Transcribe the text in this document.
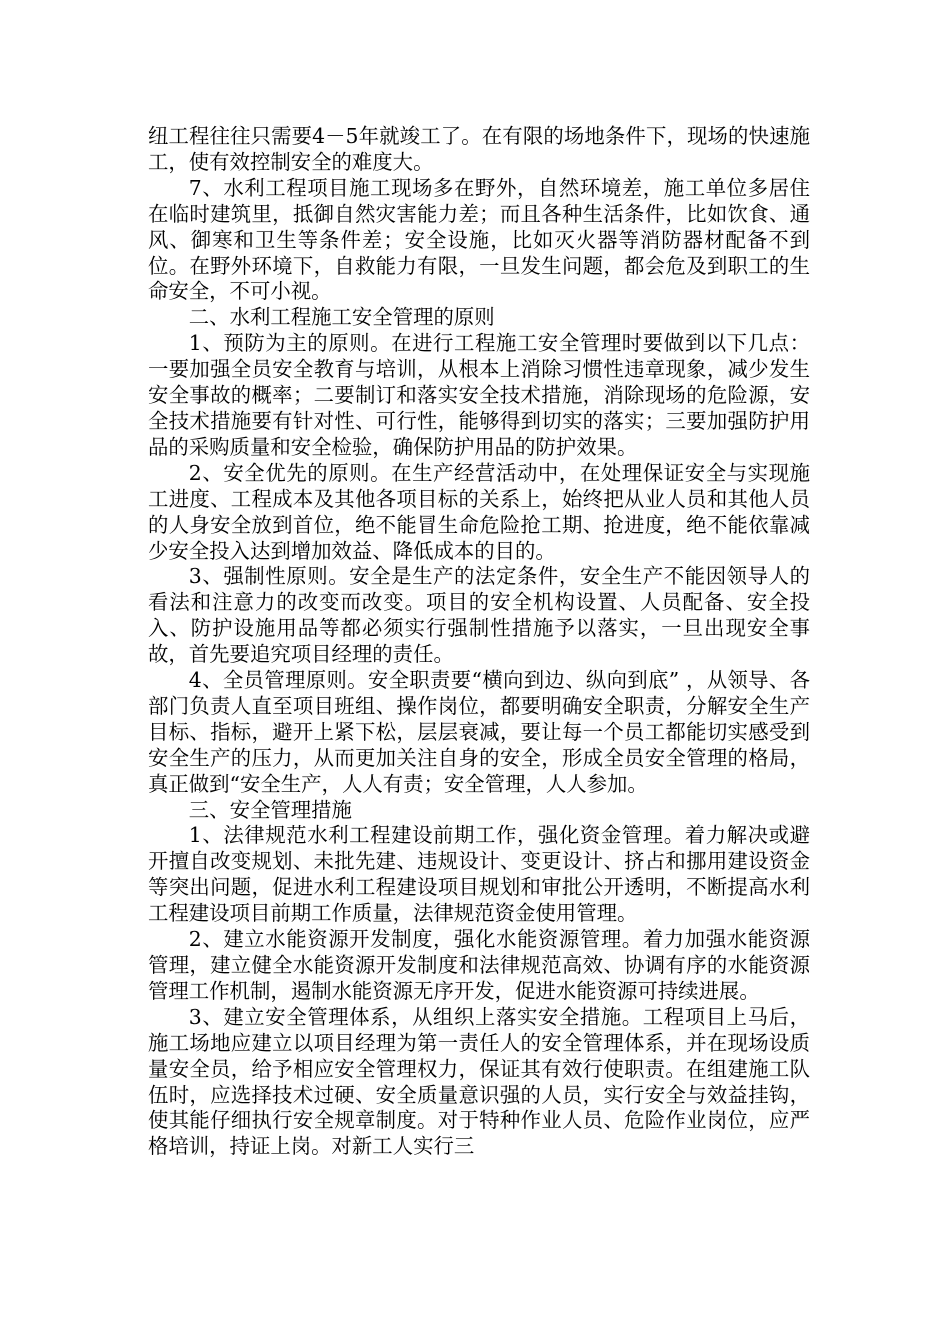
纽工程往往只需要4－5年就竣工了。在有限的场地条件下，现场的快速施工，使有效控制安全的难度大。

7、水利工程项目施工现场多在野外，自然环境差，施工单位多居住在临时建筑里，抵御自然灾害能力差；而且各种生活条件，比如饮食、通风、御寒和卫生等条件差；安全设施，比如灭火器等消防器材配备不到位。在野外环境下，自救能力有限，一旦发生问题，都会危及到职工的生命安全，不可小视。

二、水利工程施工安全管理的原则

1、预防为主的原则。在进行工程施工安全管理时要做到以下几点：一要加强全员安全教育与培训，从根本上消除习惯性违章现象，减少发生安全事故的概率；二要制订和落实安全技术措施，消除现场的危险源，安全技术措施要有针对性、可行性，能够得到切实的落实；三要加强防护用品的采购质量和安全检验，确保防护用品的防护效果。

2、安全优先的原则。在生产经营活动中，在处理保证安全与实现施工进度、工程成本及其他各项目标的关系上，始终把从业人员和其他人员的人身安全放到首位，绝不能冒生命危险抢工期、抢进度，绝不能依靠减少安全投入达到增加效益、降低成本的目的。

3、强制性原则。安全是生产的法定条件，安全生产不能因领导人的看法和注意力的改变而改变。项目的安全机构设置、人员配备、安全投入、防护设施用品等都必须实行强制性措施予以落实，一旦出现安全事故，首先要追究项目经理的责任。

4、全员管理原则。安全职责要“横向到边、纵向到底” ，从领导、各部门负责人直至项目班组、操作岗位，都要明确安全职责，分解安全生产目标、指标，避开上紧下松，层层衰减，要让每一个员工都能切实感受到安全生产的压力，从而更加关注自身的安全，形成全员安全管理的格局，真正做到“安全生产，人人有责；安全管理，人人参加。

三、安全管理措施

1、法律规范水利工程建设前期工作，强化资金管理。着力解决或避开擅自改变规划、未批先建、违规设计、变更设计、挤占和挪用建设资金等突出问题，促进水利工程建设项目规划和审批公开透明，不断提高水利工程建设项目前期工作质量，法律规范资金使用管理。

2、建立水能资源开发制度，强化水能资源管理。着力加强水能资源管理，建立健全水能资源开发制度和法律规范高效、协调有序的水能资源管理工作机制，遏制水能资源无序开发，促进水能资源可持续进展。

3、建立安全管理体系，从组织上落实安全措施。工程项目上马后，施工场地应建立以项目经理为第一责任人的安全管理体系，并在现场设质量安全员，给予相应安全管理权力，保证其有效行使职责。在组建施工队伍时，应选择技术过硬、安全质量意识强的人员，实行安全与效益挂钩，使其能仔细执行安全规章制度。对于特种作业人员、危险作业岗位，应严格培训，持证上岗。对新工人实行三
